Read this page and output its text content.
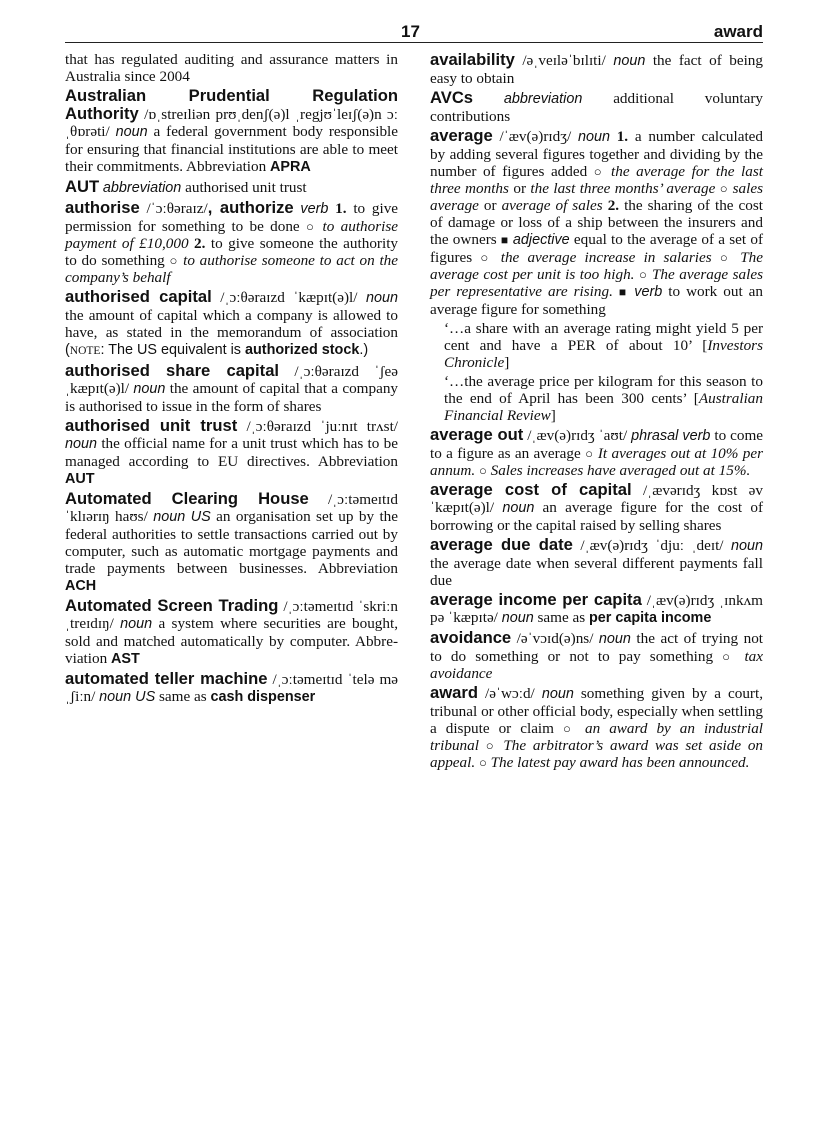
17	award

that has regulated auditing and assurance matters in Australia since 2004

Australian Prudential Regulation Authority /ɒˌstreɪliən prʊˌdenʃ(ə)l ˌregjʊˈleɪʃ(ə)n ɔːˌθɒrəti/ noun a federal government body responsible for ensuring that financial institutions are able to meet their commitments. Abbreviation APRA

AUT abbreviation authorised unit trust

authorise /ˈɔːθəraɪz/, authorize verb 1. to give permission for something to be done ○ to authorise payment of £10,000 2. to give someone the authority to do something ○ to authorise someone to act on the company’s behalf

authorised capital /ˌɔːθəraɪzd ˈkæpɪt(ə)l/ noun the amount of capital which a company is allowed to have, as stated in the memorandum of association (NOTE: The US equivalent is authorized stock.)

authorised share capital /ˌɔːθəraɪzd ˈʃeə ˌkæpɪt(ə)l/ noun the amount of capital that a company is authorised to issue in the form of shares

authorised unit trust /ˌɔːθəraɪzd ˈjuːnɪt trʌst/ noun the official name for a unit trust which has to be managed according to EU directives. Abbreviation AUT

Automated Clearing House /ˌɔːtəmeɪtɪd ˈklɪərɪŋ haʊs/ noun US an organisation set up by the federal authorities to settle transactions carried out by computer, such as automatic mortgage payments and trade payments between businesses. Abbreviation ACH

Automated Screen Trading /ˌɔːtəmeɪtɪd ˈskriːn ˌtreɪdɪŋ/ noun a system where securities are bought, sold and matched automatically by computer. Abbreviation AST

automated teller machine /ˌɔːtəmeɪtɪd ˈtelə məˌʃiːn/ noun US same as cash dispenser

availability /əˌveɪləˈbɪlɪti/ noun the fact of being easy to obtain

AVCs abbreviation additional voluntary contributions

average /ˈæv(ə)rɪdʒ/ noun 1. a number calculated by adding several figures together and dividing by the number of figures added ○ the average for the last three months or the last three months’ average ○ sales average or average of sales 2. the sharing of the cost of damage or loss of a ship between the insurers and the owners ■ adjective equal to the average of a set of figures ○ the average increase in salaries ○ The average cost per unit is too high. ○ The average sales per representative are rising. ■ verb to work out an average figure for something

‘…a share with an average rating might yield 5 per cent and have a PER of about 10’ [Investors Chronicle]

‘…the average price per kilogram for this season to the end of April has been 300 cents’ [Australian Financial Review]

average out /ˌæv(ə)rɪdʒ ˈaʊt/ phrasal verb to come to a figure as an average ○ It averages out at 10% per annum. ○ Sales increases have averaged out at 15%.

average cost of capital /ˌævərɪdʒ kɒst əv ˈkæpɪt(ə)l/ noun an average figure for the cost of borrowing or the capital raised by selling shares

average due date /ˌæv(ə)rɪdʒ ˈdjuː ˌdeɪt/ noun the average date when several different payments fall due

average income per capita /ˌæv(ə)rɪdʒ ˌɪnkʌm pə ˈkæpɪtə/ noun same as per capita income

avoidance /əˈvɔɪd(ə)ns/ noun the act of trying not to do something or not to pay something ○ tax avoidance

award /əˈwɔːd/ noun something given by a court, tribunal or other official body, especially when settling a dispute or claim ○ an award by an industrial tribunal ○ The arbitrator’s award was set aside on appeal. ○ The latest pay award has been announced.
